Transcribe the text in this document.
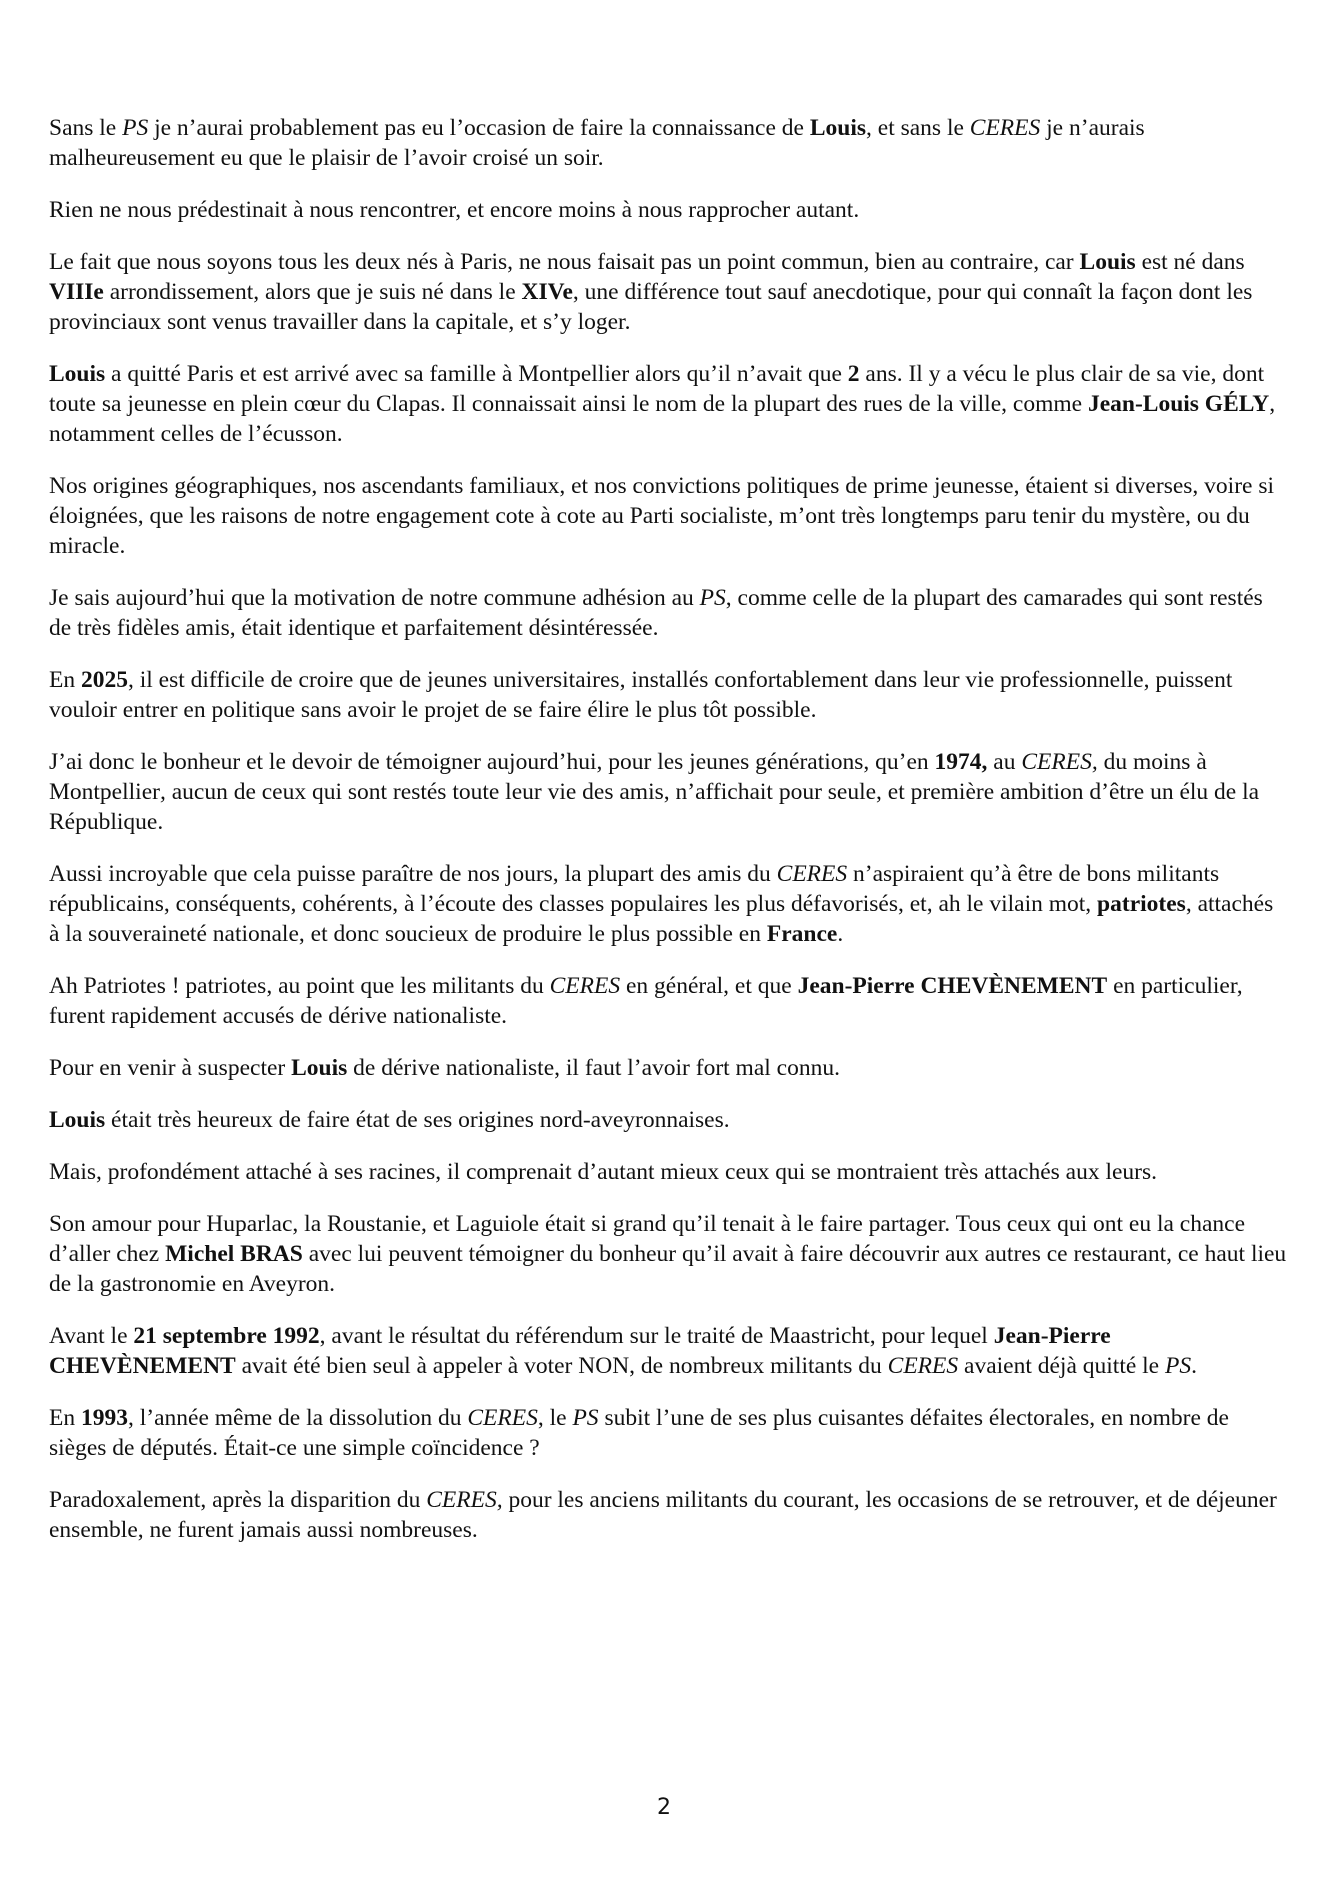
Sans le PS je n’aurai probablement pas eu l’occasion de faire la connaissance de Louis, et sans le CERES je n’aurais malheureusement eu que le plaisir de l’avoir croisé un soir.

Rien ne nous prédestinait à nous rencontrer, et encore moins à nous rapprocher autant.

Le fait que nous soyons tous les deux nés à Paris, ne nous faisait pas un point commun, bien au contraire, car Louis est né dans VIIIe arrondissement, alors que je suis né dans le XIVe, une différence tout sauf anecdotique, pour qui connaît la façon dont les provinciaux sont venus travailler dans la capitale, et s’y loger.

Louis a quitté Paris et est arrivé avec sa famille à Montpellier alors qu’il n’avait que 2 ans. Il y a vécu le plus clair de sa vie, dont toute sa jeunesse en plein cœur du Clapas. Il connaissait ainsi le nom de la plupart des rues de la ville, comme Jean-Louis GÉLY, notamment celles de l’écusson.

Nos origines géographiques, nos ascendants familiaux, et nos convictions politiques de prime jeunesse, étaient si diverses, voire si éloignées, que les raisons de notre engagement cote à cote au Parti socialiste, m’ont très longtemps paru tenir du mystère, ou du miracle.

Je sais aujourd’hui que la motivation de notre commune adhésion au PS, comme celle de la plupart des camarades qui sont restés de très fidèles amis, était identique et parfaitement désintéressée.

En 2025, il est difficile de croire que de jeunes universitaires, installés confortablement dans leur vie professionnelle, puissent vouloir entrer en politique sans avoir le projet de se faire élire le plus tôt possible.

J’ai donc le bonheur et le devoir de témoigner aujourd’hui, pour les jeunes générations, qu’en 1974, au CERES, du moins à Montpellier, aucun de ceux qui sont restés toute leur vie des amis, n’affichait pour seule, et première ambition d’être un élu de la République.

Aussi incroyable que cela puisse paraître de nos jours, la plupart des amis du CERES n’aspiraient qu’à être de bons militants républicains, conséquents, cohérents, à l’écoute des classes populaires les plus défavorisés, et, ah le vilain mot, patriotes, attachés à la souveraineté nationale, et donc soucieux de produire le plus possible en France.

Ah Patriotes ! patriotes, au point que les militants du CERES en général, et que Jean-Pierre CHEVÈNEMENT en particulier, furent rapidement accusés de dérive nationaliste.

Pour en venir à suspecter Louis de dérive nationaliste, il faut l’avoir fort mal connu.

Louis était très heureux de faire état de ses origines nord-aveyronnaises.

Mais, profondément attaché à ses racines, il comprenait d’autant mieux ceux qui se montraient très attachés aux leurs.

Son amour pour Huparlac, la Roustanie, et Laguiole était si grand qu’il tenait à le faire partager. Tous ceux qui ont eu la chance d’aller chez Michel BRAS avec lui peuvent témoigner du bonheur qu’il avait à faire découvrir aux autres ce restaurant, ce haut lieu de la gastronomie en Aveyron.

Avant le 21 septembre 1992, avant le résultat du référendum sur le traité de Maastricht, pour lequel Jean-Pierre CHEVÈNEMENT avait été bien seul à appeler à voter NON, de nombreux militants du CERES avaient déjà quitté le PS.

En 1993, l’année même de la dissolution du CERES, le PS subit l’une de ses plus cuisantes défaites électorales, en nombre de sièges de députés. Était-ce une simple coïncidence ?

Paradoxalement, après la disparition du CERES, pour les anciens militants du courant, les occasions de se retrouver, et de déjeuner ensemble, ne furent jamais aussi nombreuses.

2
